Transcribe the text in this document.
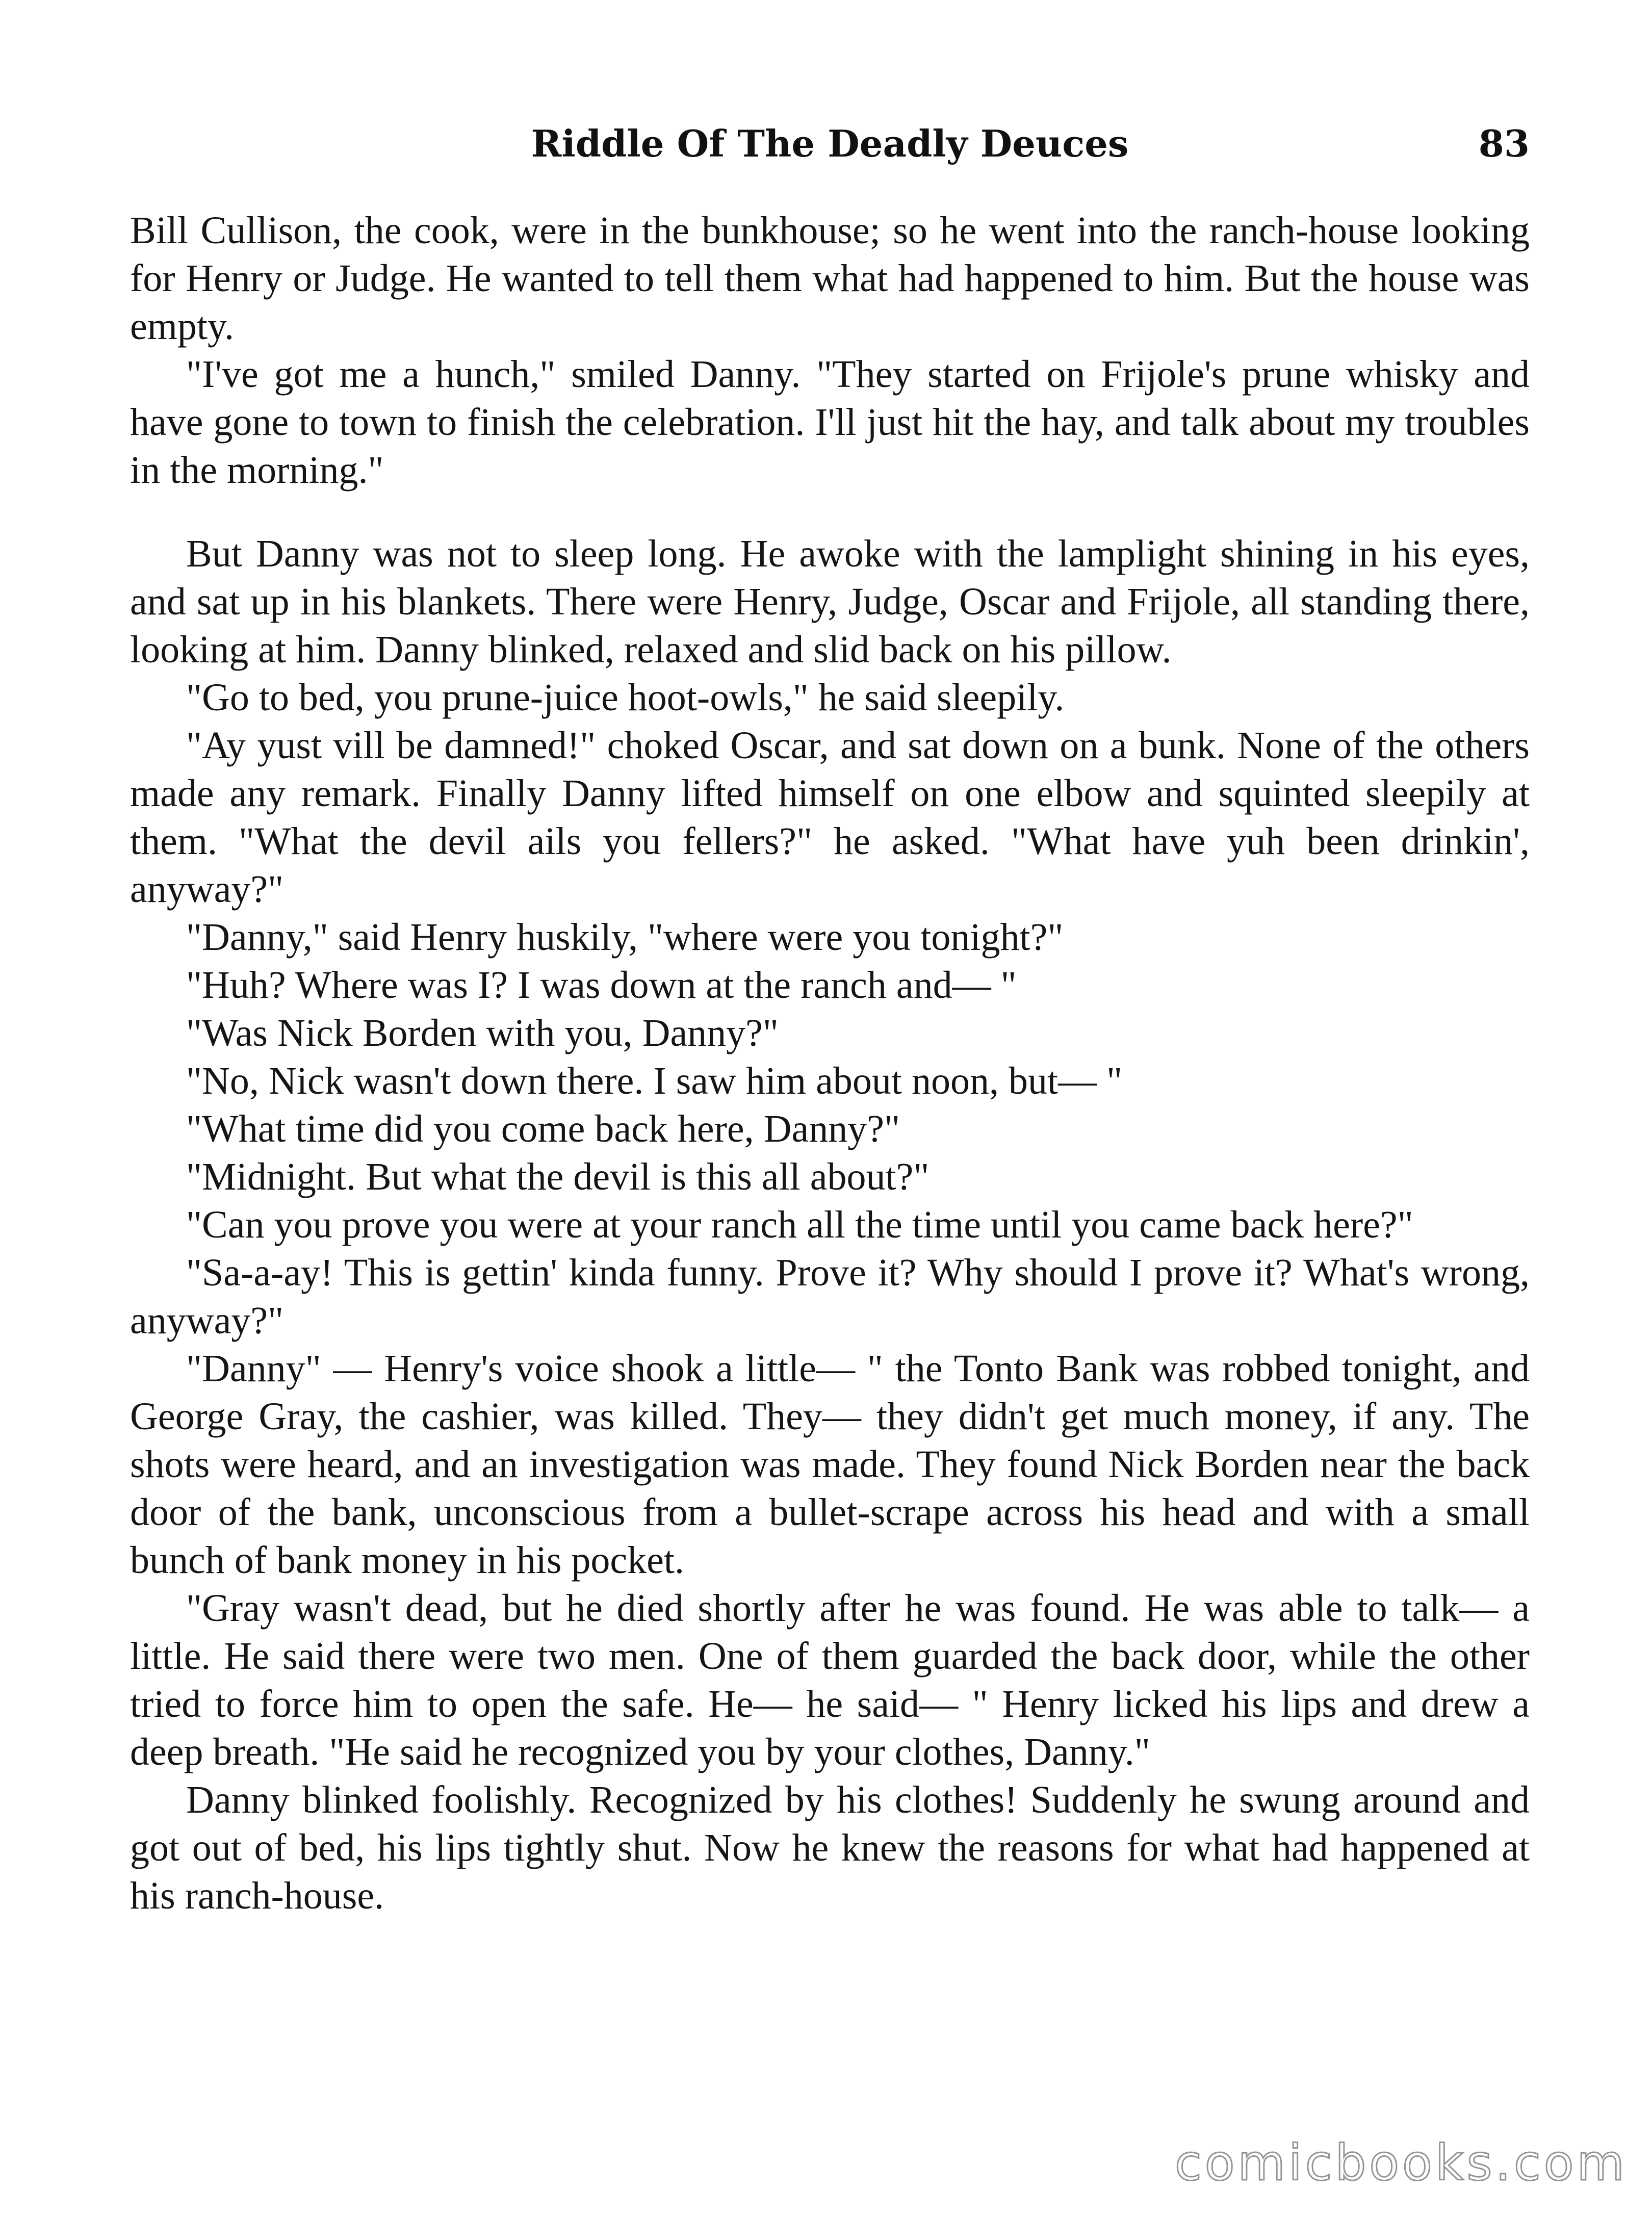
Riddle Of The Deadly Deuces	83

Bill Cullison, the cook, were in the bunkhouse; so he went into the ranch-house looking for Henry or Judge. He wanted to tell them what had happened to him. But the house was empty.

"I've got me a hunch," smiled Danny. "They started on Frijole's prune whisky and have gone to town to finish the celebration. I'll just hit the hay, and talk about my troubles in the morning."

But Danny was not to sleep long. He awoke with the lamplight shining in his eyes, and sat up in his blankets. There were Henry, Judge, Oscar and Frijole, all standing there, looking at him. Danny blinked, relaxed and slid back on his pillow.

"Go to bed, you prune-juice hoot-owls," he said sleepily.

"Ay yust vill be damned!" choked Oscar, and sat down on a bunk. None of the others made any remark. Finally Danny lifted himself on one elbow and squinted sleepily at them. "What the devil ails you fellers?" he asked. "What have yuh been drinkin', anyway?"

"Danny," said Henry huskily, "where were you tonight?"

"Huh? Where was I? I was down at the ranch and— "

"Was Nick Borden with you, Danny?"

"No, Nick wasn't down there. I saw him about noon, but— "

"What time did you come back here, Danny?"

"Midnight. But what the devil is this all about?"

"Can you prove you were at your ranch all the time until you came back here?"

"Sa-a-ay! This is gettin' kinda funny. Prove it? Why should I prove it? What's wrong, anyway?"

"Danny" — Henry's voice shook a little— " the Tonto Bank was robbed tonight, and George Gray, the cashier, was killed. They— they didn't get much money, if any. The shots were heard, and an investigation was made. They found Nick Borden near the back door of the bank, unconscious from a bullet-scrape across his head and with a small bunch of bank money in his pocket.

"Gray wasn't dead, but he died shortly after he was found. He was able to talk— a little. He said there were two men. One of them guarded the back door, while the other tried to force him to open the safe. He— he said— " Henry licked his lips and drew a deep breath. "He said he recognized you by your clothes, Danny."

Danny blinked foolishly. Recognized by his clothes! Suddenly he swung around and got out of bed, his lips tightly shut. Now he knew the reasons for what had happened at his ranch-house.

comicbooks.com
